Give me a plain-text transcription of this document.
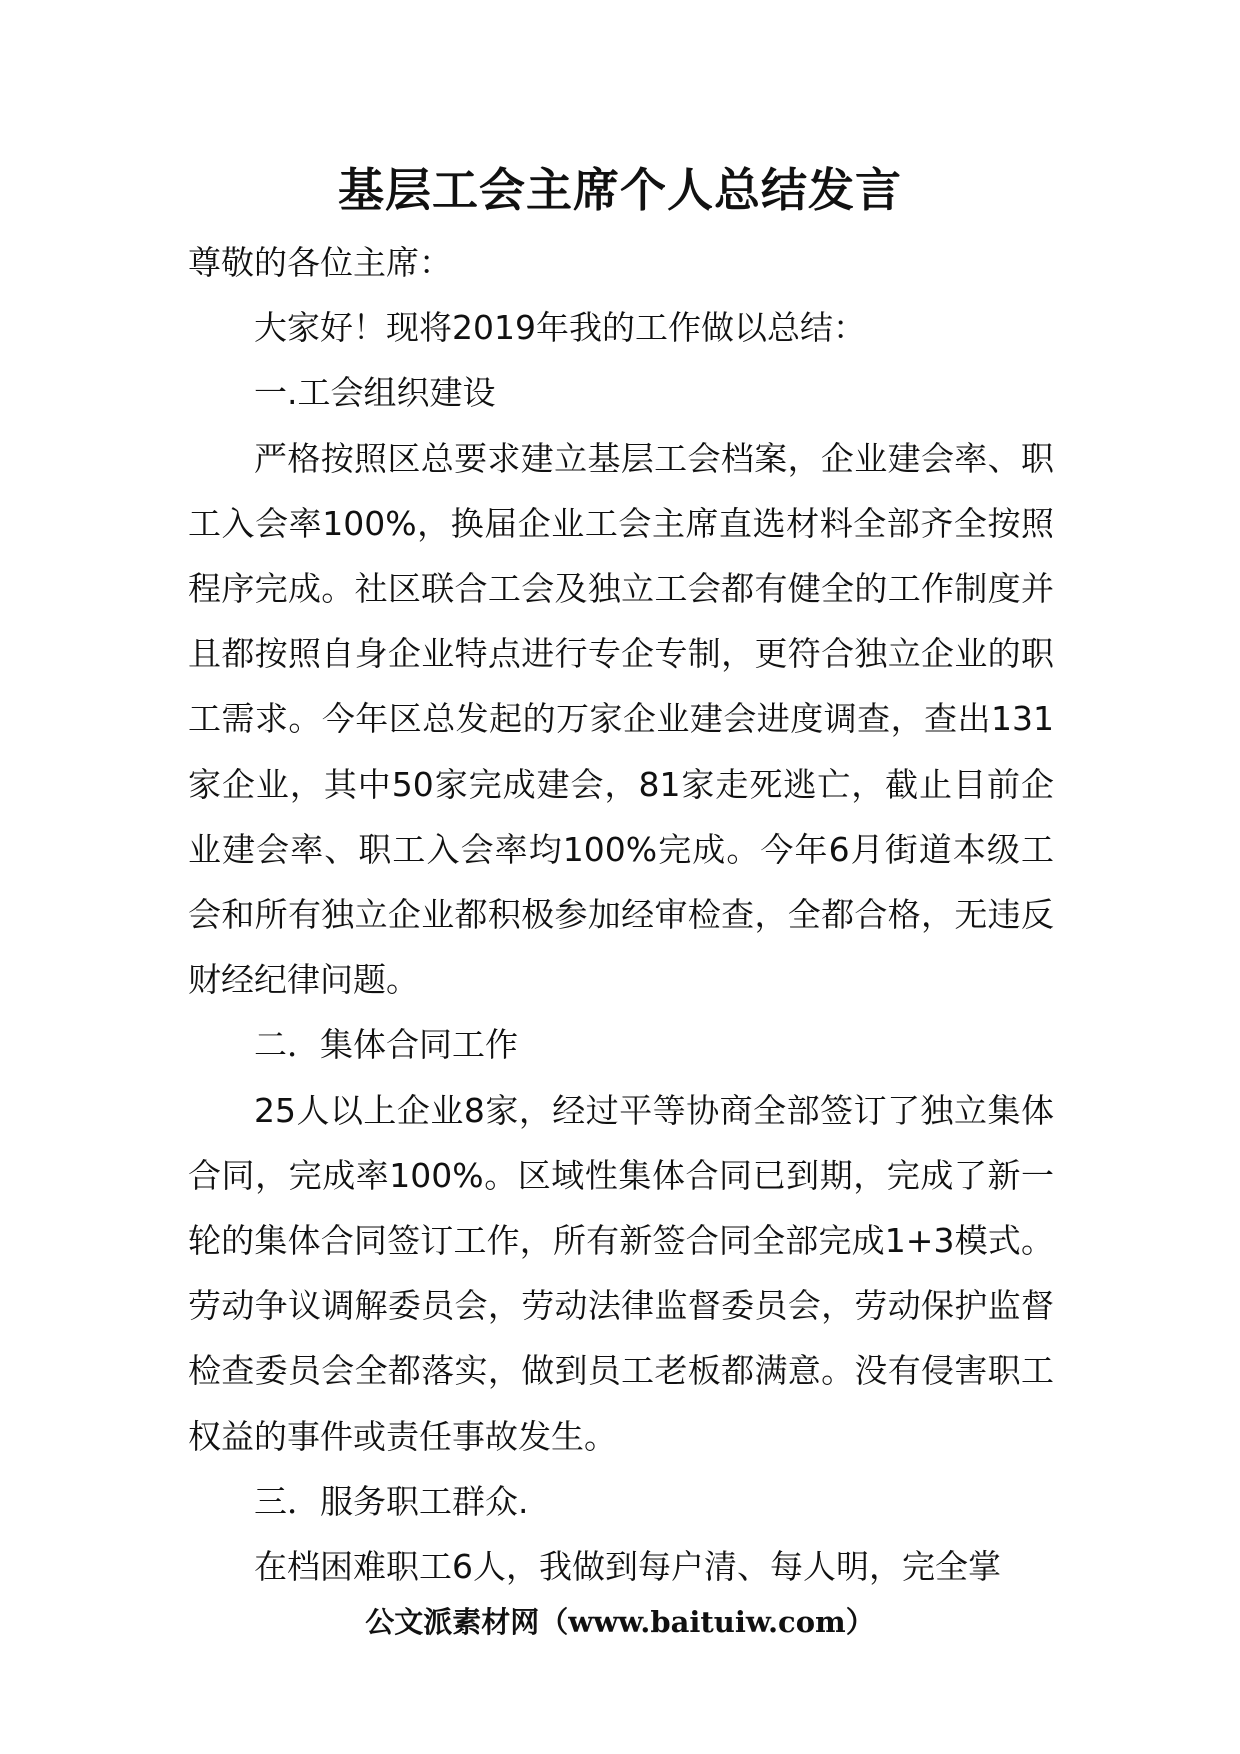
基层工会主席个人总结发言

尊敬的各位主席：

大家好！现将2019年我的工作做以总结：

一.工会组织建设

严格按照区总要求建立基层工会档案，企业建会率、职工入会率100%，换届企业工会主席直选材料全部齐全按照程序完成。社区联合工会及独立工会都有健全的工作制度并且都按照自身企业特点进行专企专制，更符合独立企业的职工需求。今年区总发起的万家企业建会进度调查，查出131家企业，其中50家完成建会，81家走死逃亡，截止目前企业建会率、职工入会率均100%完成。今年6月街道本级工会和所有独立企业都积极参加经审检查，全都合格，无违反财经纪律问题。

二．集体合同工作

25人以上企业8家，经过平等协商全部签订了独立集体合同，完成率100%。区域性集体合同已到期，完成了新一轮的集体合同签订工作，所有新签合同全部完成1+3模式。劳动争议调解委员会，劳动法律监督委员会，劳动保护监督检查委员会全都落实，做到员工老板都满意。没有侵害职工权益的事件或责任事故发生。

三．服务职工群众.

在档困难职工6人，我做到每户清、每人明，完全掌

公文派素材网（www.baituiw.com）
